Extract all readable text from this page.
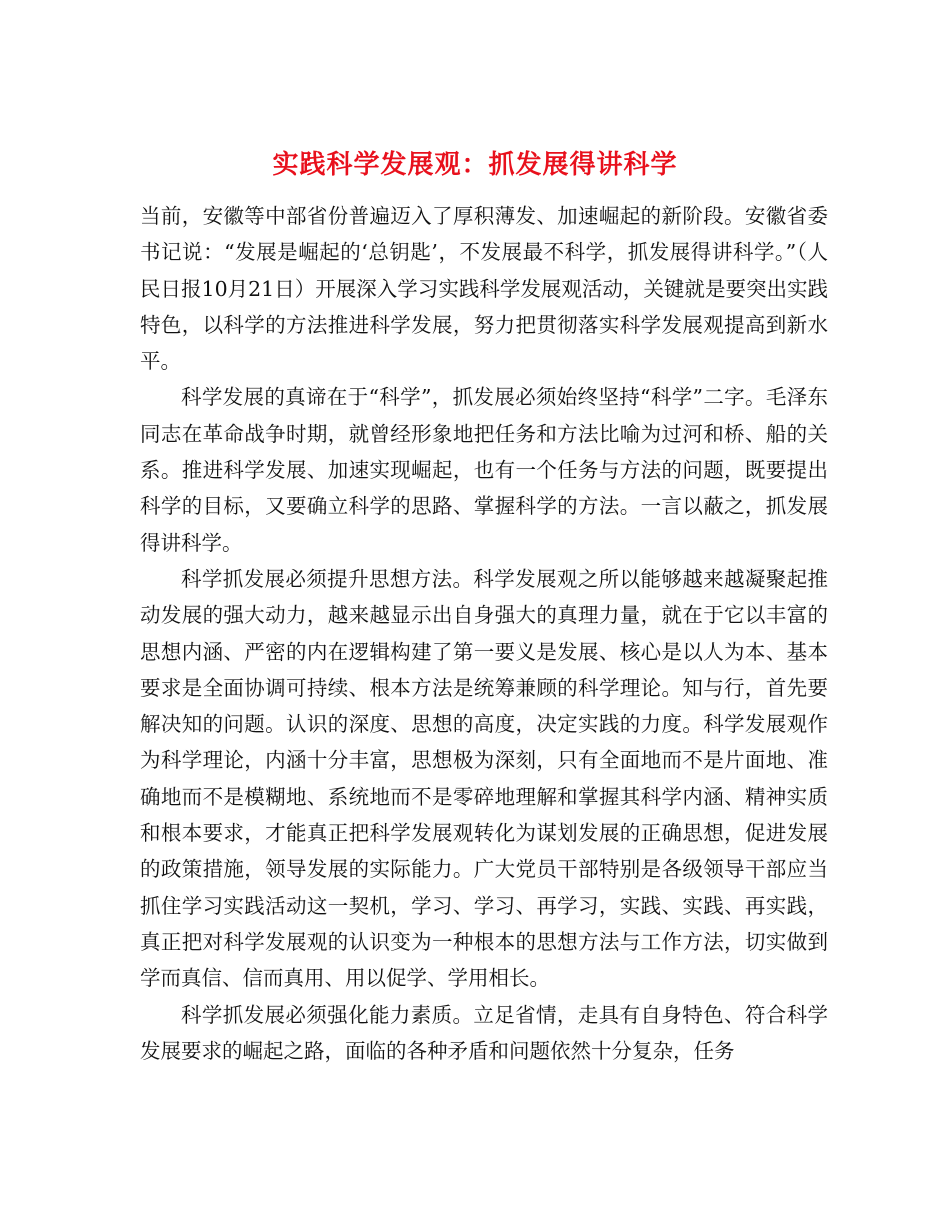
实践科学发展观：抓发展得讲科学

当前，安徽等中部省份普遍迈入了厚积薄发、加速崛起的新阶段。安徽省委书记说：“发展是崛起的‘总钥匙’，不发展最不科学，抓发展得讲科学。”（人民日报10月21日）开展深入学习实践科学发展观活动，关键就是要突出实践特色，以科学的方法推进科学发展，努力把贯彻落实科学发展观提高到新水平。

科学发展的真谛在于“科学”，抓发展必须始终坚持“科学”二字。毛泽东同志在革命战争时期，就曾经形象地把任务和方法比喻为过河和桥、船的关系。推进科学发展、加速实现崛起，也有一个任务与方法的问题，既要提出科学的目标，又要确立科学的思路、掌握科学的方法。一言以蔽之，抓发展得讲科学。

科学抓发展必须提升思想方法。科学发展观之所以能够越来越凝聚起推动发展的强大动力，越来越显示出自身强大的真理力量，就在于它以丰富的思想内涵、严密的内在逻辑构建了第一要义是发展、核心是以人为本、基本要求是全面协调可持续、根本方法是统筹兼顾的科学理论。知与行，首先要解决知的问题。认识的深度、思想的高度，决定实践的力度。科学发展观作为科学理论，内涵十分丰富，思想极为深刻，只有全面地而不是片面地、准确地而不是模糊地、系统地而不是零碎地理解和掌握其科学内涵、精神实质和根本要求，才能真正把科学发展观转化为谋划发展的正确思想，促进发展的政策措施，领导发展的实际能力。广大党员干部特别是各级领导干部应当抓住学习实践活动这一契机，学习、学习、再学习，实践、实践、再实践，真正把对科学发展观的认识变为一种根本的思想方法与工作方法，切实做到学而真信、信而真用、用以促学、学用相长。

科学抓发展必须强化能力素质。立足省情，走具有自身特色、符合科学发展要求的崛起之路，面临的各种矛盾和问题依然十分复杂，任务
